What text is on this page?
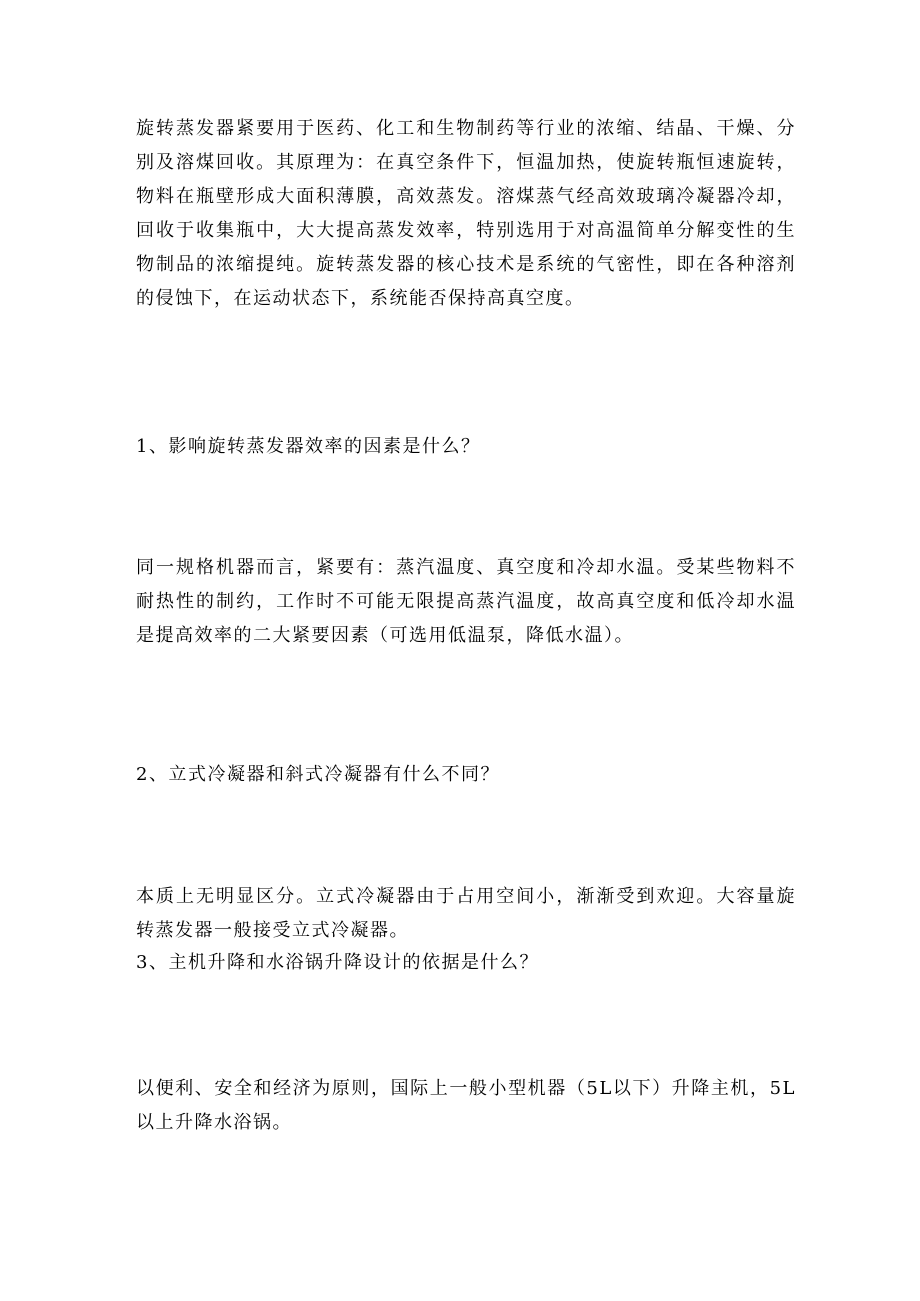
旋转蒸发器紧要用于医药、化工和生物制药等行业的浓缩、结晶、干燥、分别及溶煤回收。其原理为：在真空条件下，恒温加热，使旋转瓶恒速旋转，物料在瓶壁形成大面积薄膜，高效蒸发。溶煤蒸气经高效玻璃冷凝器冷却，回收于收集瓶中，大大提高蒸发效率，特别选用于对高温简单分解变性的生物制品的浓缩提纯。旋转蒸发器的核心技术是系统的气密性，即在各种溶剂的侵蚀下，在运动状态下，系统能否保持高真空度。
1、影响旋转蒸发器效率的因素是什么？
同一规格机器而言，紧要有：蒸汽温度、真空度和冷却水温。受某些物料不耐热性的制约，工作时不可能无限提高蒸汽温度，故高真空度和低冷却水温是提高效率的二大紧要因素（可选用低温泵，降低水温）。
2、立式冷凝器和斜式冷凝器有什么不同？
本质上无明显区分。立式冷凝器由于占用空间小，渐渐受到欢迎。大容量旋转蒸发器一般接受立式冷凝器。
3、主机升降和水浴锅升降设计的依据是什么？
以便利、安全和经济为原则，国际上一般小型机器（5L以下）升降主机，5L以上升降水浴锅。
